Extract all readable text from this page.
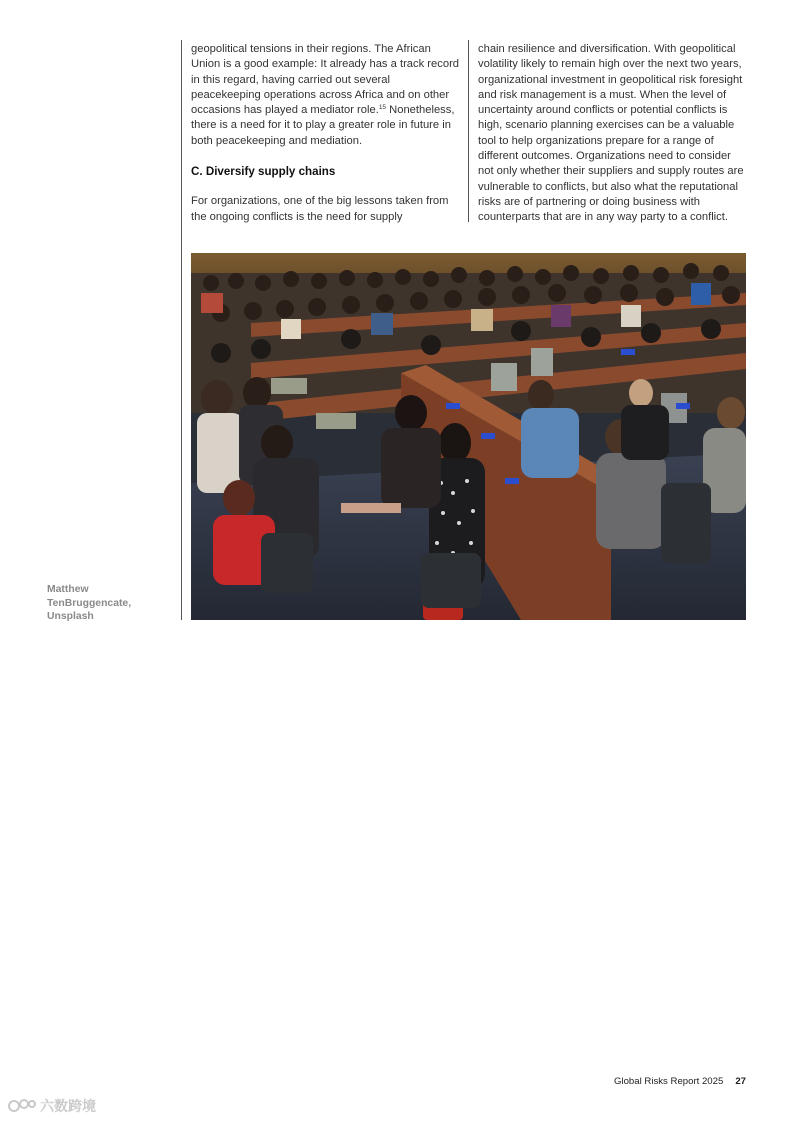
geopolitical tensions in their regions. The African Union is a good example: It already has a track record in this regard, having carried out several peacekeeping operations across Africa and on other occasions has played a mediator role.$^{15}$ Nonetheless, there is a need for it to play a greater role in future in both peacekeeping and mediation.

C. Diversify supply chains

For organizations, one of the big lessons taken from the ongoing conflicts is the need for supply

chain resilience and diversification. With geopolitical volatility likely to remain high over the next two years, organizational investment in geopolitical risk foresight and risk management is a must. When the level of uncertainty around conflicts or potential conflicts is high, scenario planning exercises can be a valuable tool to help organizations prepare for a range of different outcomes. Organizations need to consider not only whether their suppliers and supply routes are vulnerable to conflicts, but also what the reputational risks are of partnering or doing business with counterparts that are in any way party to a conflict.

Matthew
TenBruggencate,
Unsplash
Global Risks Report 2025 27
六数跨境
